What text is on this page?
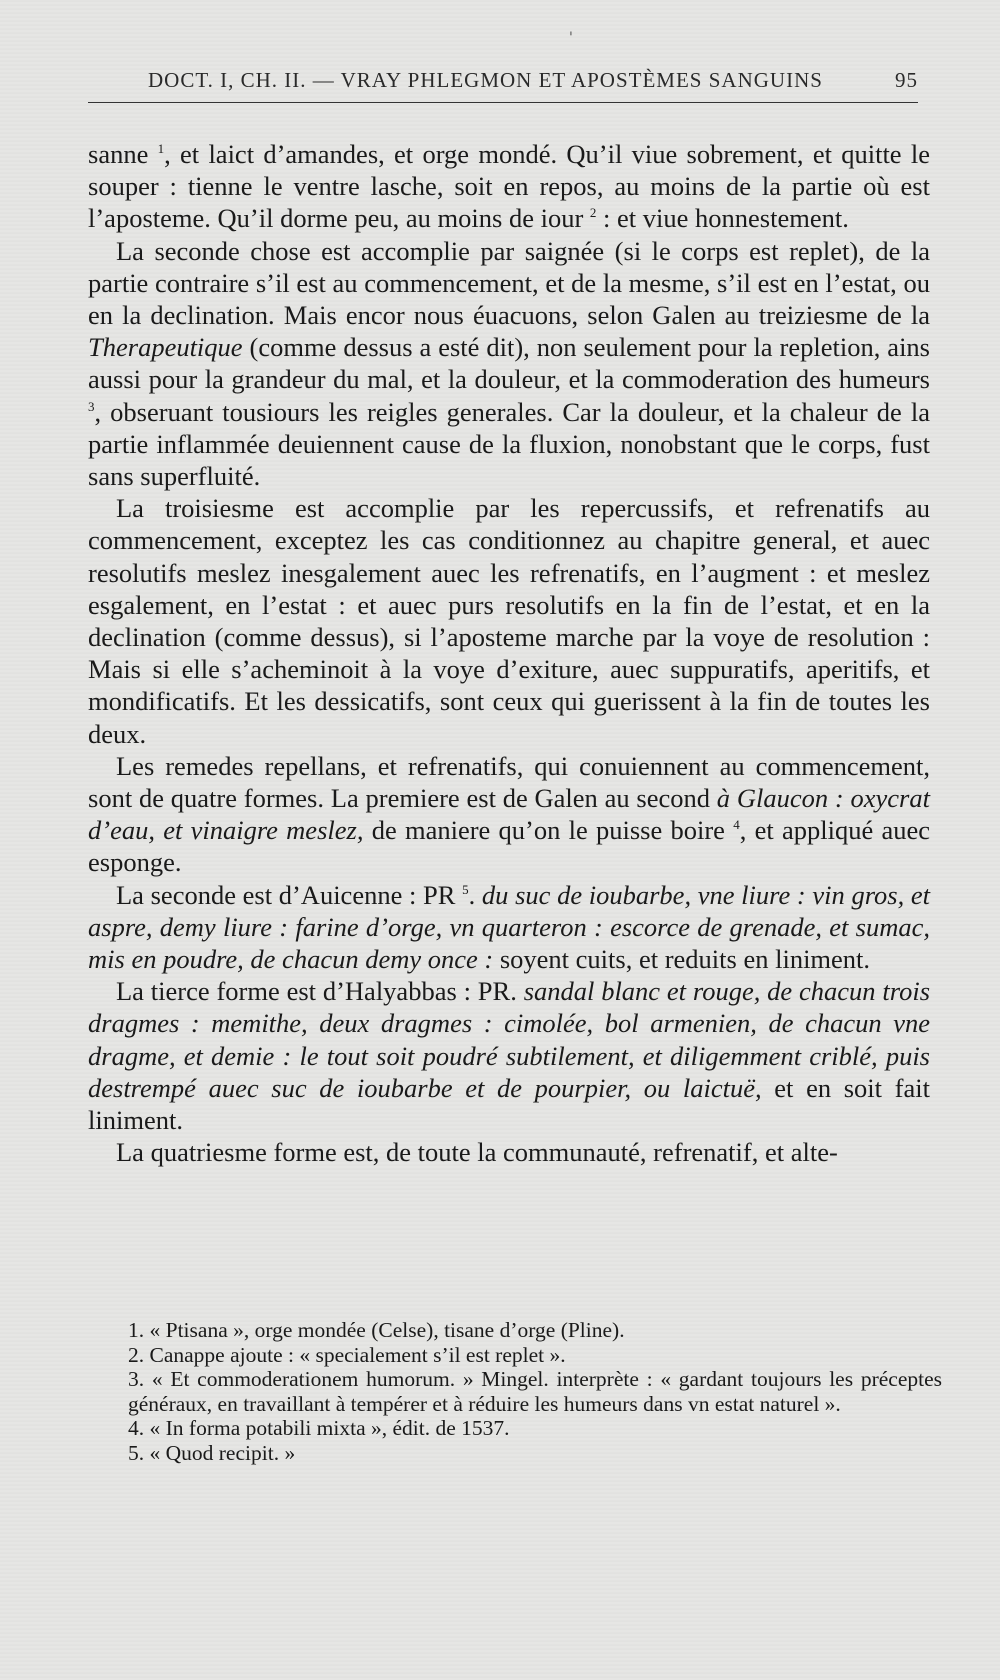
'
DOCT. I, CH. II. — VRAY PHLEGMON ET APOSTÈMES SANGUINS	95

sanne $^1$, et laict d’amandes, et orge mondé. Qu’il viue sobrement, et quitte le souper : tienne le ventre lasche, soit en repos, au moins de la partie où est l’aposteme. Qu’il dorme peu, au moins de iour $^2$ : et viue honnestement.

La seconde chose est accomplie par saignée (si le corps est replet), de la partie contraire s’il est au commencement, et de la mesme, s’il est en l’estat, ou en la declination. Mais encor nous éuacuons, selon Galen au treiziesme de la Therapeutique (comme dessus a esté dit), non seulement pour la repletion, ains aussi pour la grandeur du mal, et la douleur, et la commoderation des humeurs $^3$, obseruant tousiours les reigles generales. Car la douleur, et la chaleur de la partie inflammée deuiennent cause de la fluxion, nonobstant que le corps, fust sans superfluité.

La troisiesme est accomplie par les repercussifs, et refrenatifs au commencement, exceptez les cas conditionnez au chapitre general, et auec resolutifs meslez inesgalement auec les refrenatifs, en l’augment : et meslez esgalement, en l’estat : et auec purs resolutifs en la fin de l’estat, et en la declination (comme dessus), si l’aposteme marche par la voye de resolution : Mais si elle s’acheminoit à la voye d’exiture, auec suppuratifs, aperitifs, et mondificatifs. Et les dessicatifs, sont ceux qui guerissent à la fin de toutes les deux.

Les remedes repellans, et refrenatifs, qui conuiennent au commencement, sont de quatre formes. La premiere est de Galen au second à Glaucon : oxycrat d’eau, et vinaigre meslez, de maniere qu’on le puisse boire $^4$, et appliqué auec esponge.

La seconde est d’Auicenne : PR $^5$. du suc de ioubarbe, vne liure : vin gros, et aspre, demy liure : farine d’orge, vn quarteron : escorce de grenade, et sumac, mis en poudre, de chacun demy once : soyent cuits, et reduits en liniment.

La tierce forme est d’Halyabbas : PR. sandal blanc et rouge, de chacun trois dragmes : memithe, deux dragmes : cimolée, bol armenien, de chacun vne dragme, et demie : le tout soit poudré subtilement, et diligemment criblé, puis destrempé auec suc de ioubarbe et de pourpier, ou laictuë, et en soit fait liniment.

La quatriesme forme est, de toute la communauté, refrenatif, et alte-

1. « Ptisana », orge mondée (Celse), tisane d’orge (Pline).

2. Canappe ajoute : « specialement s’il est replet ».

3. « Et commoderationem humorum. » Mingel. interprète : « gardant toujours les préceptes généraux, en travaillant à tempérer et à réduire les humeurs dans vn estat naturel ».

4. « In forma potabili mixta », édit. de 1537.

5. « Quod recipit. »
